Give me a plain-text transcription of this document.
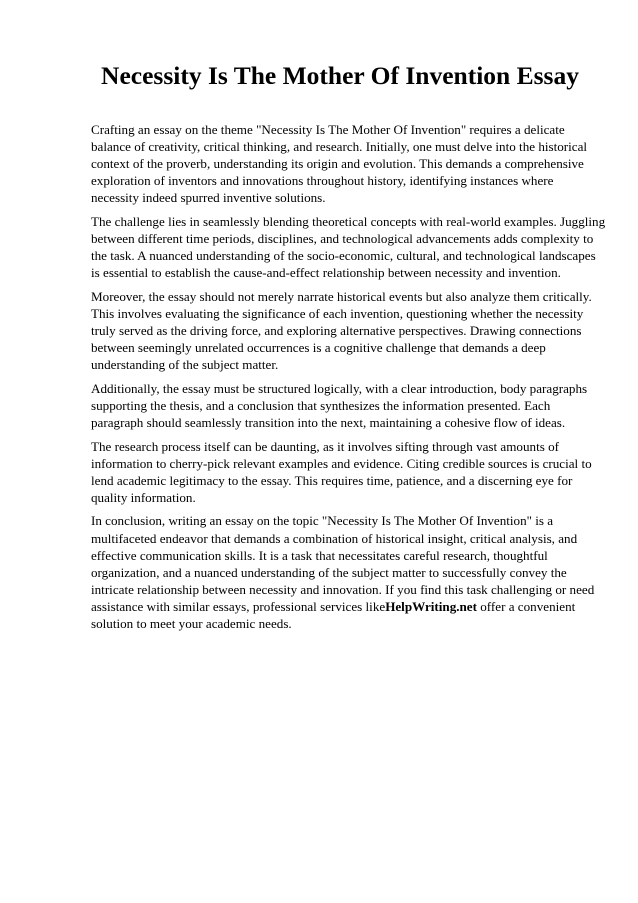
Necessity Is The Mother Of Invention Essay

Crafting an essay on the theme "Necessity Is The Mother Of Invention" requires a delicate
balance of creativity, critical thinking, and research. Initially, one must delve into the historical
context of the proverb, understanding its origin and evolution. This demands a comprehensive
exploration of inventors and innovations throughout history, identifying instances where
necessity indeed spurred inventive solutions.

The challenge lies in seamlessly blending theoretical concepts with real-world examples. Juggling
between different time periods, disciplines, and technological advancements adds complexity to
the task. A nuanced understanding of the socio-economic, cultural, and technological landscapes
is essential to establish the cause-and-effect relationship between necessity and invention.

Moreover, the essay should not merely narrate historical events but also analyze them critically.
This involves evaluating the significance of each invention, questioning whether the necessity
truly served as the driving force, and exploring alternative perspectives. Drawing connections
between seemingly unrelated occurrences is a cognitive challenge that demands a deep
understanding of the subject matter.

Additionally, the essay must be structured logically, with a clear introduction, body paragraphs
supporting the thesis, and a conclusion that synthesizes the information presented. Each
paragraph should seamlessly transition into the next, maintaining a cohesive flow of ideas.

The research process itself can be daunting, as it involves sifting through vast amounts of
information to cherry-pick relevant examples and evidence. Citing credible sources is crucial to
lend academic legitimacy to the essay. This requires time, patience, and a discerning eye for
quality information.

In conclusion, writing an essay on the topic "Necessity Is The Mother Of Invention" is a
multifaceted endeavor that demands a combination of historical insight, critical analysis, and
effective communication skills. It is a task that necessitates careful research, thoughtful
organization, and a nuanced understanding of the subject matter to successfully convey the
intricate relationship between necessity and innovation. If you find this task challenging or need
assistance with similar essays, professional services likeHelpWriting.net offer a convenient
solution to meet your academic needs.
